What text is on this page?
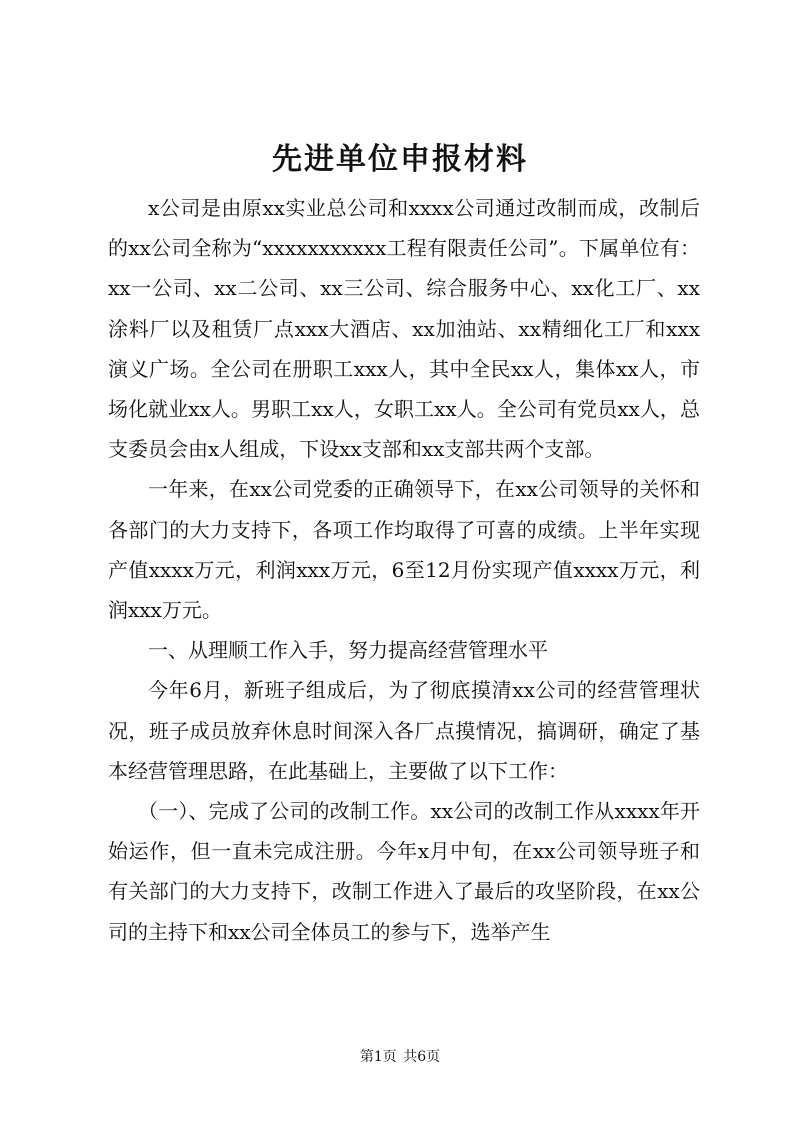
先进单位申报材料

x公司是由原xx实业总公司和xxxx公司通过改制而成，改制后的xx公司全称为“xxxxxxxxxxx工程有限责任公司”。下属单位有：xx一公司、xx二公司、xx三公司、综合服务中心、xx化工厂、xx涂料厂以及租赁厂点xxx大酒店、xx加油站、xx精细化工厂和xxx演义广场。全公司在册职工xxx人，其中全民xx人，集体xx人，市场化就业xx人。男职工xx人，女职工xx人。全公司有党员xx人，总支委员会由x人组成，下设xx支部和xx支部共两个支部。

一年来，在xx公司党委的正确领导下，在xx公司领导的关怀和各部门的大力支持下，各项工作均取得了可喜的成绩。上半年实现产值xxxx万元，利润xxx万元，6至12月份实现产值xxxx万元，利润xxx万元。

一、从理顺工作入手，努力提高经营管理水平

今年6月，新班子组成后，为了彻底摸清xx公司的经营管理状况，班子成员放弃休息时间深入各厂点摸情况，搞调研，确定了基本经营管理思路，在此基础上，主要做了以下工作：

（一）、完成了公司的改制工作。xx公司的改制工作从xxxx年开始运作，但一直未完成注册。今年x月中旬，在xx公司领导班子和有关部门的大力支持下，改制工作进入了最后的攻坚阶段，在xx公司的主持下和xx公司全体员工的参与下，选举产生

第1页 共6页
